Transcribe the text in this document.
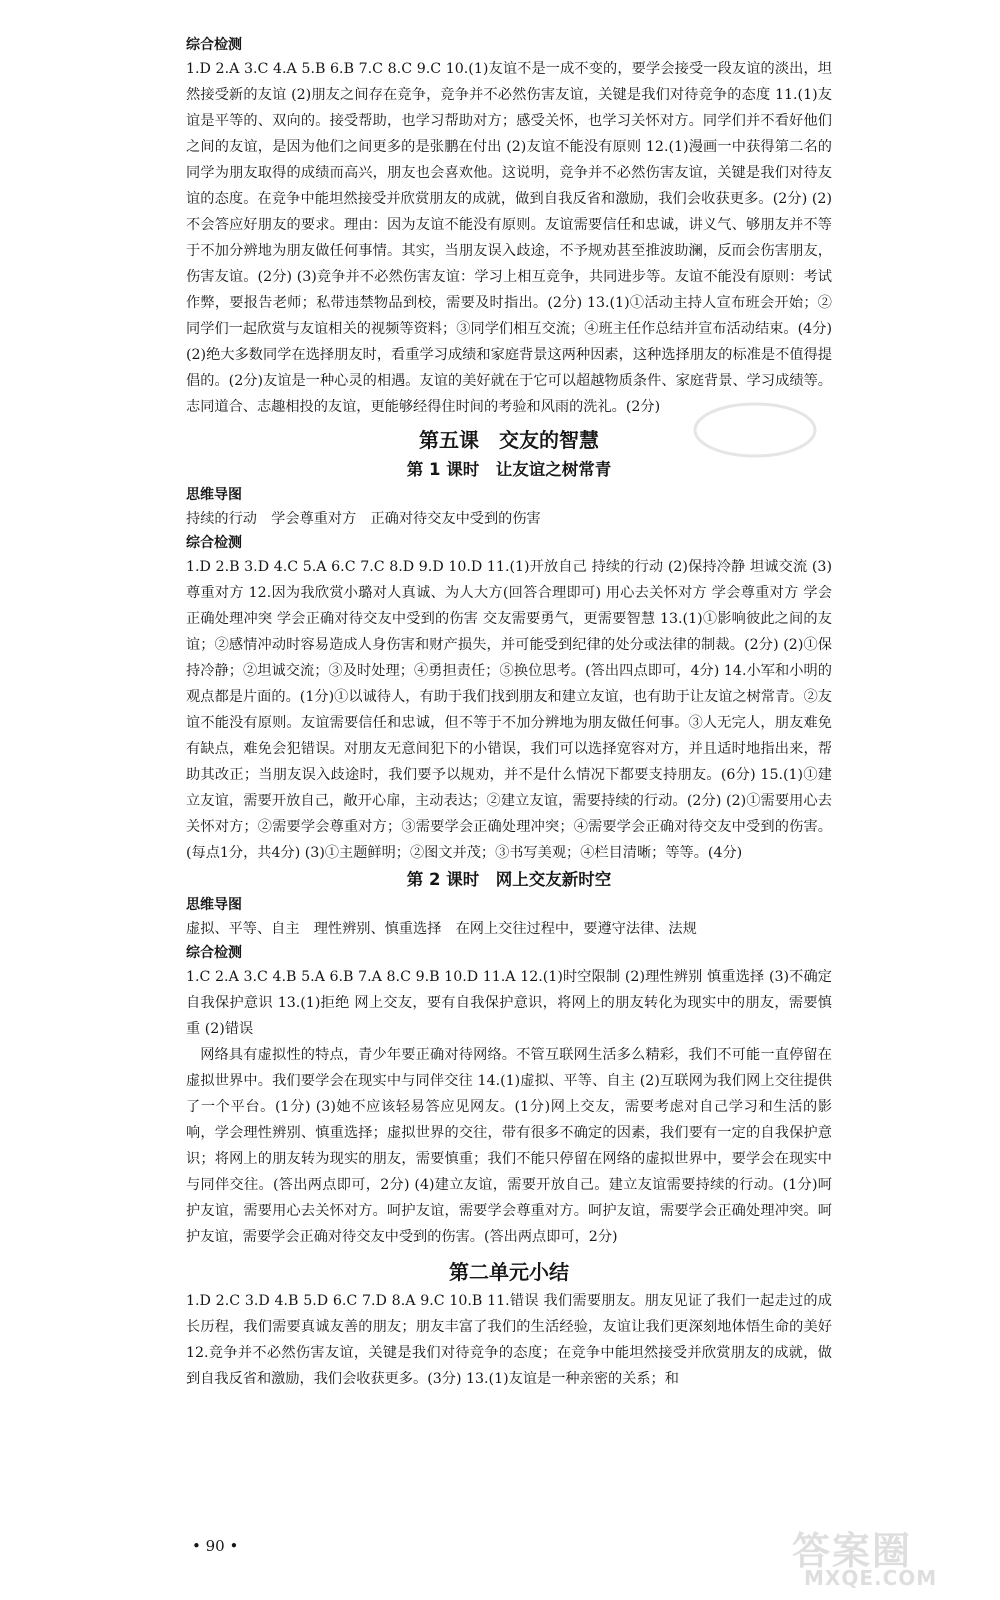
综合检测

1.D 2.A 3.C 4.A 5.B 6.B 7.C 8.C 9.C 10.(1)友谊不是一成不变的，要学会接受一段友谊的淡出，坦然接受新的友谊 (2)朋友之间存在竞争，竞争并不必然伤害友谊，关键是我们对待竞争的态度 11.(1)友谊是平等的、双向的。接受帮助，也学习帮助对方；感受关怀，也学习关怀对方。同学们并不看好他们之间的友谊，是因为他们之间更多的是张鹏在付出 (2)友谊不能没有原则 12.(1)漫画一中获得第二名的同学为朋友取得的成绩而高兴，朋友也会喜欢他。这说明，竞争并不必然伤害友谊，关键是我们对待友谊的态度。在竞争中能坦然接受并欣赏朋友的成就，做到自我反省和激励，我们会收获更多。(2分) (2)不会答应好朋友的要求。理由：因为友谊不能没有原则。友谊需要信任和忠诚，讲义气、够朋友并不等于不加分辨地为朋友做任何事情。其实，当朋友误入歧途，不予规劝甚至推波助澜，反而会伤害朋友，伤害友谊。(2分) (3)竞争并不必然伤害友谊：学习上相互竞争，共同进步等。友谊不能没有原则：考试作弊，要报告老师；私带违禁物品到校，需要及时指出。(2分) 13.(1)①活动主持人宣布班会开始；②同学们一起欣赏与友谊相关的视频等资料；③同学们相互交流；④班主任作总结并宣布活动结束。(4分) (2)绝大多数同学在选择朋友时，看重学习成绩和家庭背景这两种因素，这种选择朋友的标准是不值得提倡的。(2分)友谊是一种心灵的相遇。友谊的美好就在于它可以超越物质条件、家庭背景、学习成绩等。志同道合、志趣相投的友谊，更能够经得住时间的考验和风雨的洗礼。(2分)

第五课　交友的智慧
第 1 课时　让友谊之树常青
思维导图

持续的行动　学会尊重对方　正确对待交友中受到的伤害

综合检测

1.D 2.B 3.D 4.C 5.A 6.C 7.C 8.D 9.D 10.D 11.(1)开放自己 持续的行动 (2)保持冷静 坦诚交流 (3)尊重对方 12.因为我欣赏小璐对人真诚、为人大方(回答合理即可) 用心去关怀对方 学会尊重对方 学会正确处理冲突 学会正确对待交友中受到的伤害 交友需要勇气，更需要智慧 13.(1)①影响彼此之间的友谊；②感情冲动时容易造成人身伤害和财产损失，并可能受到纪律的处分或法律的制裁。(2分) (2)①保持冷静；②坦诚交流；③及时处理；④勇担责任；⑤换位思考。(答出四点即可，4分) 14.小军和小明的观点都是片面的。(1分)①以诚待人，有助于我们找到朋友和建立友谊，也有助于让友谊之树常青。②友谊不能没有原则。友谊需要信任和忠诚，但不等于不加分辨地为朋友做任何事。③人无完人，朋友难免有缺点，难免会犯错误。对朋友无意间犯下的小错误，我们可以选择宽容对方，并且适时地指出来，帮助其改正；当朋友误入歧途时，我们要予以规劝，并不是什么情况下都要支持朋友。(6分) 15.(1)①建立友谊，需要开放自己，敞开心扉，主动表达；②建立友谊，需要持续的行动。(2分) (2)①需要用心去关怀对方；②需要学会尊重对方；③需要学会正确处理冲突；④需要学会正确对待交友中受到的伤害。(每点1分，共4分) (3)①主题鲜明；②图文并茂；③书写美观；④栏目清晰；等等。(4分)

第 2 课时　网上交友新时空
思维导图

虚拟、平等、自主　理性辨别、慎重选择　在网上交往过程中，要遵守法律、法规

综合检测

1.C 2.A 3.C 4.B 5.A 6.B 7.A 8.C 9.B 10.D 11.A 12.(1)时空限制 (2)理性辨别 慎重选择 (3)不确定 自我保护意识 13.(1)拒绝 网上交友，要有自我保护意识，将网上的朋友转化为现实中的朋友，需要慎重 (2)错误

网络具有虚拟性的特点，青少年要正确对待网络。不管互联网生活多么精彩，我们不可能一直停留在虚拟世界中。我们要学会在现实中与同伴交往 14.(1)虚拟、平等、自主 (2)互联网为我们网上交往提供了一个平台。(1分) (3)她不应该轻易答应见网友。(1分)网上交友，需要考虑对自己学习和生活的影响，学会理性辨别、慎重选择；虚拟世界的交往，带有很多不确定的因素，我们要有一定的自我保护意识；将网上的朋友转为现实的朋友，需要慎重；我们不能只停留在网络的虚拟世界中，要学会在现实中与同伴交往。(答出两点即可，2分) (4)建立友谊，需要开放自己。建立友谊需要持续的行动。(1分)呵护友谊，需要用心去关怀对方。呵护友谊，需要学会尊重对方。呵护友谊，需要学会正确处理冲突。呵护友谊，需要学会正确对待交友中受到的伤害。(答出两点即可，2分)

第二单元小结

1.D 2.C 3.D 4.B 5.D 6.C 7.D 8.A 9.C 10.B 11.错误 我们需要朋友。朋友见证了我们一起走过的成长历程，我们需要真诚友善的朋友；朋友丰富了我们的生活经验，友谊让我们更深刻地体悟生命的美好 12.竞争并不必然伤害友谊，关键是我们对待竞争的态度；在竞争中能坦然接受并欣赏朋友的成就，做到自我反省和激励，我们会收获更多。(3分) 13.(1)友谊是一种亲密的关系；和

• 90 •	答案圈
MXQE.COM
